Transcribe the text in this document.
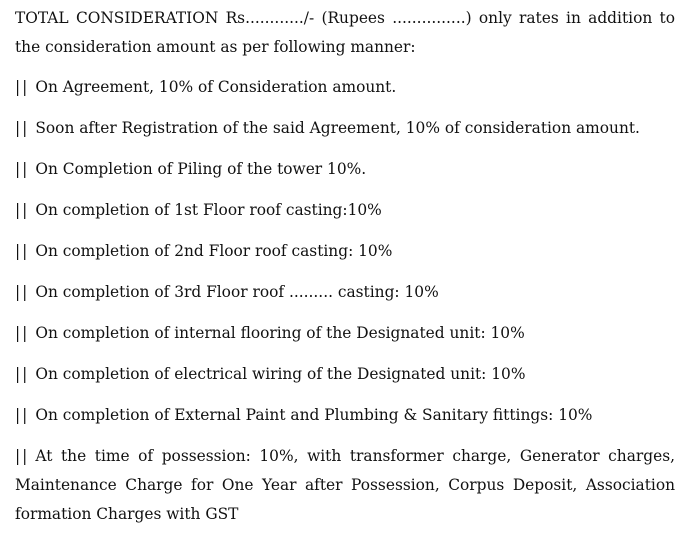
TOTAL CONSIDERATION Rs............/- (Rupees ...............) only rates in addition to the consideration amount as per following manner:

|| On Agreement, 10% of Consideration amount.
|| Soon after Registration of the said Agreement, 10% of consideration amount.
|| On Completion of Piling of the tower 10%.
|| On completion of 1st Floor roof casting:10%
|| On completion of 2nd Floor roof casting: 10%
|| On completion of 3rd Floor roof ......... casting: 10%
|| On completion of internal flooring of the Designated unit: 10%
|| On completion of electrical wiring of the Designated unit: 10%
|| On completion of External Paint and Plumbing & Sanitary fittings: 10%
|| At the time of possession: 10%, with transformer charge, Generator charges, Maintenance Charge for One Year after Possession, Corpus Deposit, Association formation Charges with GST
